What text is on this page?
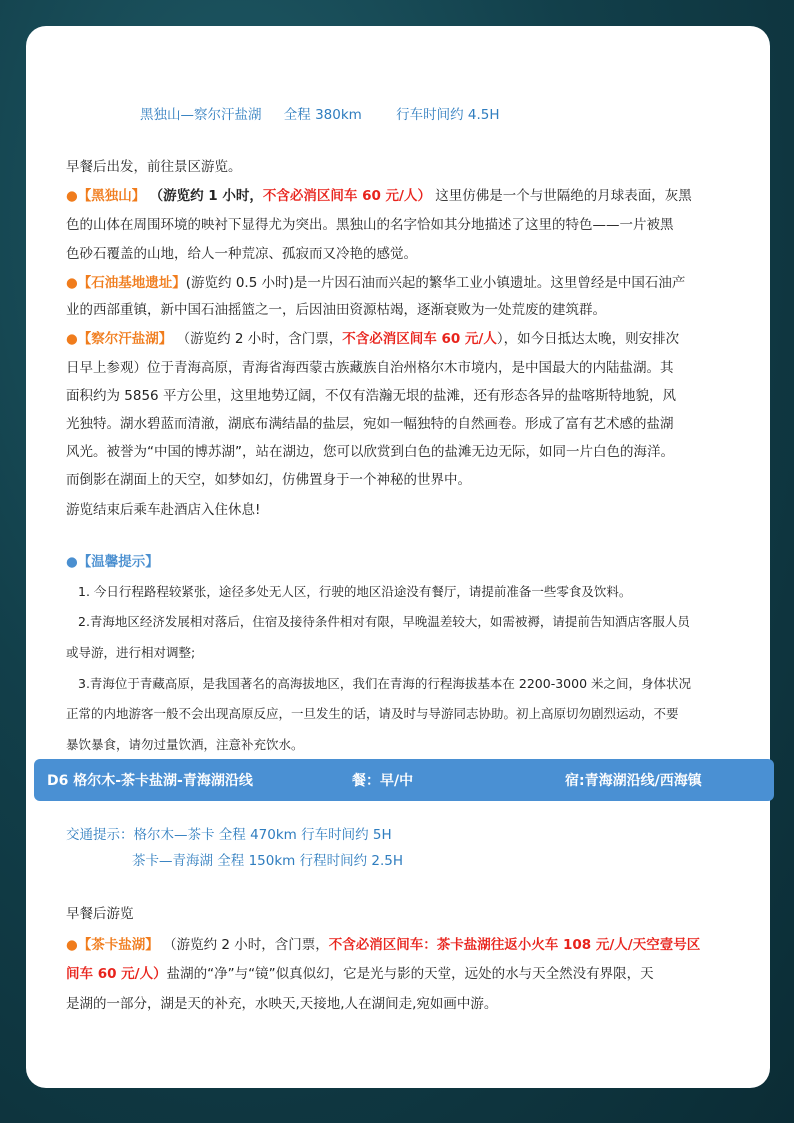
黑独山—察尔汗盐湖 全程 380km	行车时间约 4.5H
早餐后出发，前往景区游览。
●【黑独山】 （游览约 1 小时，不含必消区间车 60 元/人） 这里仿佛是一个与世隔绝的月球表面，灰黑
色的山体在周围环境的映衬下显得尤为突出。黑独山的名字恰如其分地描述了这里的特色——一片被黑
色砂石覆盖的山地，给人一种荒凉、孤寂而又冷艳的感觉。
●【石油基地遗址】(游览约 0.5 小时)是一片因石油而兴起的繁华工业小镇遗址。这里曾经是中国石油产
业的西部重镇，新中国石油摇篮之一，后因油田资源枯竭，逐渐衰败为一处荒废的建筑群。
●【察尔汗盐湖】 （游览约 2 小时，含门票，不含必消区间车 60 元/人），如今日抵达太晚，则安排次
日早上参观）位于青海高原，青海省海西蒙古族藏族自治州格尔木市境内，是中国最大的内陆盐湖。其
面积约为 5856 平方公里，这里地势辽阔，不仅有浩瀚无垠的盐滩，还有形态各异的盐喀斯特地貌，风
光独特。湖水碧蓝而清澈，湖底布满结晶的盐层，宛如一幅独特的自然画卷。形成了富有艺术感的盐湖
风光。被誉为“中国的博苏湖”，站在湖边，您可以欣赏到白色的盐滩无边无际，如同一片白色的海洋。
而倒影在湖面上的天空，如梦如幻，仿佛置身于一个神秘的世界中。
游览结束后乘车赴酒店入住休息!
●【温馨提示】
1. 今日行程路程较紧张，途径多处无人区，行驶的地区沿途没有餐厅，请提前准备一些零食及饮料。
2.青海地区经济发展相对落后，住宿及接待条件相对有限，早晚温差较大，如需被褥，请提前告知酒店客服人员
或导游，进行相对调整;
3.青海位于青藏高原，是我国著名的高海拔地区，我们在青海的行程海拔基本在 2200-3000 米之间，身体状况
正常的内地游客一般不会出现高原反应，一旦发生的话，请及时与导游同志协助。初上高原切勿剧烈运动，不要
暴饮暴食，请勿过量饮酒，注意补充饮水。
交通提示：格尔木—茶卡 全程 470km 行车时间约 5H
茶卡—青海湖 全程 150km 行程时间约 2.5H
早餐后游览
●【茶卡盐湖】 （游览约 2 小时，含门票，不含必消区间车：茶卡盐湖往返小火车 108 元/人/天空壹号区
间车 60 元/人）盐湖的“净”与“镜”似真似幻，它是光与影的天堂，远处的水与天全然没有界限，天
是湖的一部分，湖是天的补充，水映天,天接地,人在湖间走,宛如画中游。
D6 格尔木-茶卡盐湖-青海湖沿线	餐：早/中	宿:青海湖沿线/西海镇
